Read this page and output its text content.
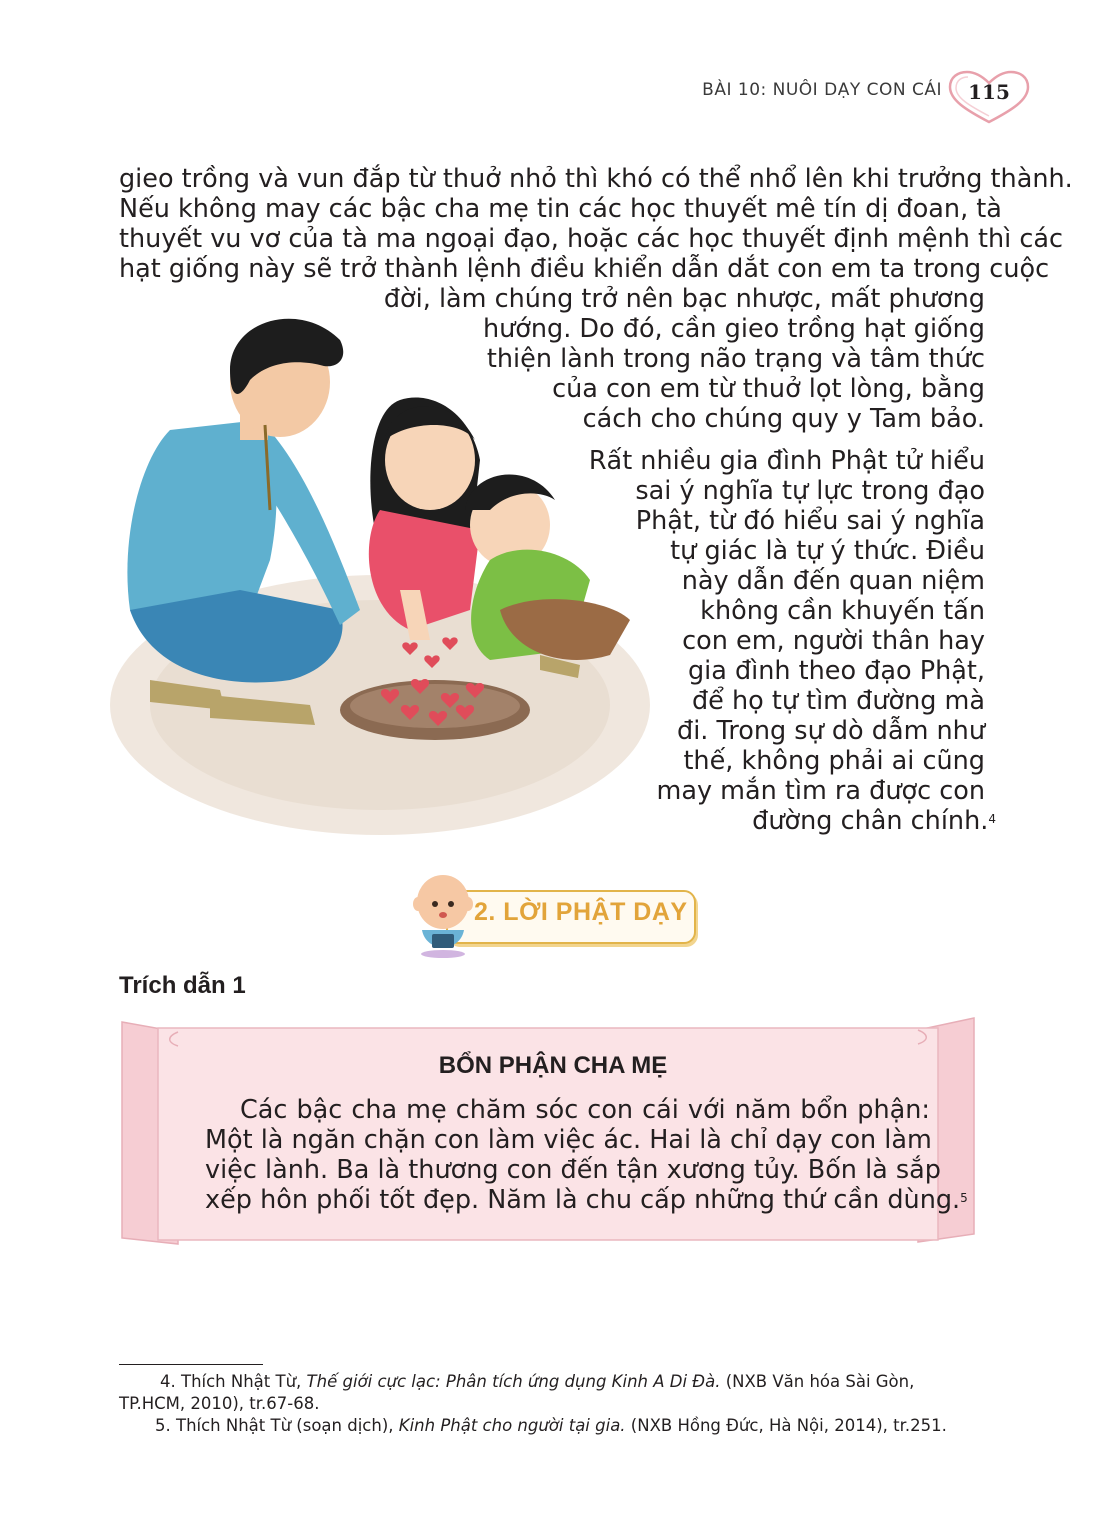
BÀI 10: NUÔI DẠY CON CÁI	115
gieo trồng và vun đắp từ thuở nhỏ thì khó có thể nhổ lên khi trưởng thành.
Nếu không may các bậc cha mẹ tin các học thuyết mê tín dị đoan, tà
thuyết vu vơ của tà ma ngoại đạo, hoặc các học thuyết định mệnh thì các
hạt giống này sẽ trở thành lệnh điều khiển dẫn dắt con em ta trong cuộc
đời, làm chúng trở nên bạc nhược, mất phương
hướng. Do đó, cần gieo trồng hạt giống
thiện lành trong não trạng và tâm thức
của con em từ thuở lọt lòng, bằng
cách cho chúng quy y Tam bảo.
Rất nhiều gia đình Phật tử hiểu
sai ý nghĩa tự lực trong đạo
Phật, từ đó hiểu sai ý nghĩa
tự giác là tự ý thức. Điều
này dẫn đến quan niệm
không cần khuyến tấn
con em, người thân hay
gia đình theo đạo Phật,
để họ tự tìm đường mà
đi. Trong sự dò dẫm như
thế, không phải ai cũng
may mắn tìm ra được con
đường chân chính.$^4$
2. LỜI PHẬT DẠY
Trích dẫn 1
BỔN PHẬN CHA MẸ
Các bậc cha mẹ chăm sóc con cái với năm bổn phận:
Một là ngăn chặn con làm việc ác. Hai là chỉ dạy con làm
việc lành. Ba là thương con đến tận xương tủy. Bốn là sắp
xếp hôn phối tốt đẹp. Năm là chu cấp những thứ cần dùng.$^5$
4. Thích Nhật Từ, Thế giới cực lạc: Phân tích ứng dụng Kinh A Di Đà. (NXB Văn hóa Sài Gòn,
TP.HCM, 2010), tr.67-68.
5. Thích Nhật Từ (soạn dịch), Kinh Phật cho người tại gia. (NXB Hồng Đức, Hà Nội, 2014), tr.251.
